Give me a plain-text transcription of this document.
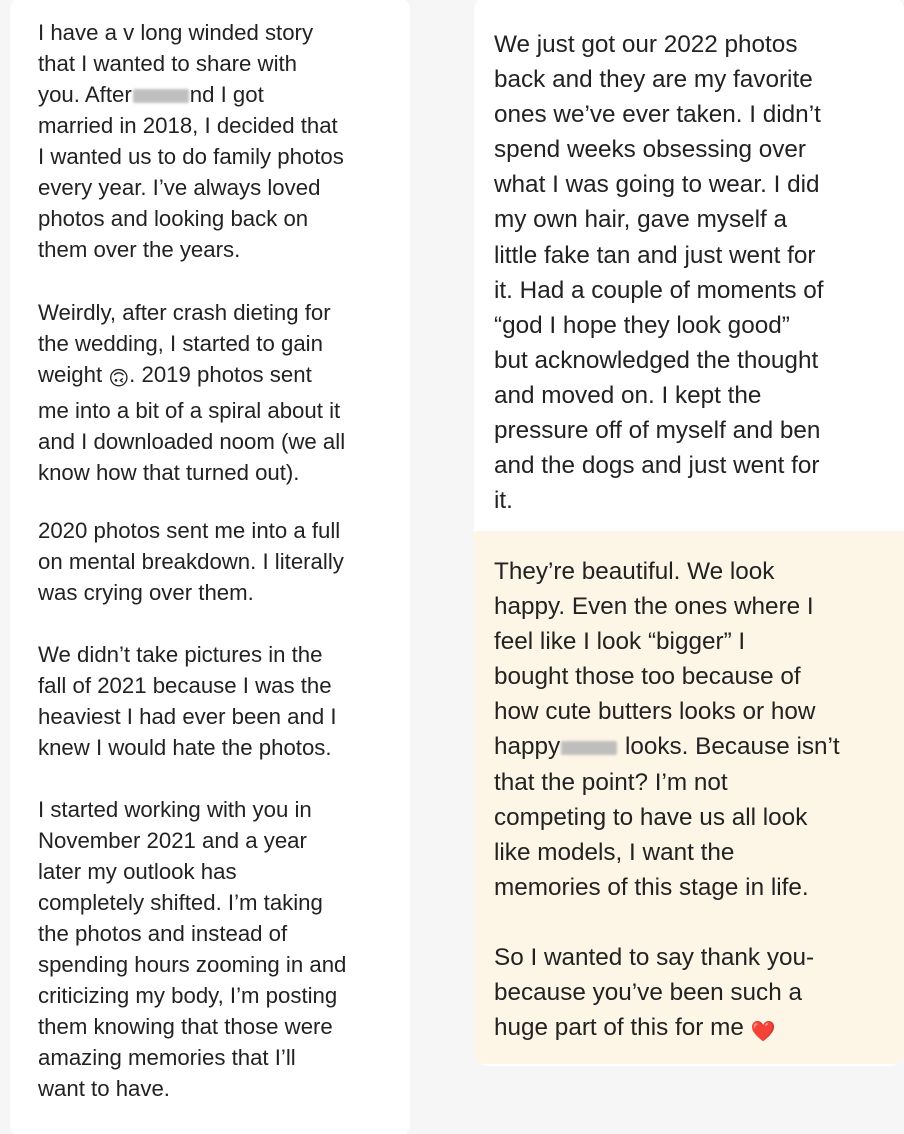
I have a v long winded story
that I wanted to share with
you. After	nd I got
married in 2018, I decided that
I wanted us to do family photos
every year. I’ve always loved
photos and looking back on
them over the years.

Weirdly, after crash dieting for
the wedding, I started to gain
weight 🙃. 2019 photos sent
me into a bit of a spiral about it
and I downloaded noom (we all
know how that turned out).

2020 photos sent me into a full
on mental breakdown. I literally
was crying over them.

We didn’t take pictures in the
fall of 2021 because I was the
heaviest I had ever been and I
knew I would hate the photos.

I started working with you in
November 2021 and a year
later my outlook has
completely shifted. I’m taking
the photos and instead of
spending hours zooming in and
criticizing my body, I’m posting
them knowing that those were
amazing memories that I’ll
want to have.

We just got our 2022 photos
back and they are my favorite
ones we’ve ever taken. I didn’t
spend weeks obsessing over
what I was going to wear. I did
my own hair, gave myself a
little fake tan and just went for
it. Had a couple of moments of
“god I hope they look good”
but acknowledged the thought
and moved on. I kept the
pressure off of myself and ben
and the dogs and just went for
it.

They’re beautiful. We look
happy. Even the ones where I
feel like I look “bigger” I
bought those too because of
how cute butters looks or how
happy	looks. Because isn’t
that the point? I’m not
competing to have us all look
like models, I want the
memories of this stage in life.

So I wanted to say thank you-
because you’ve been such a
huge part of this for me ❤️
